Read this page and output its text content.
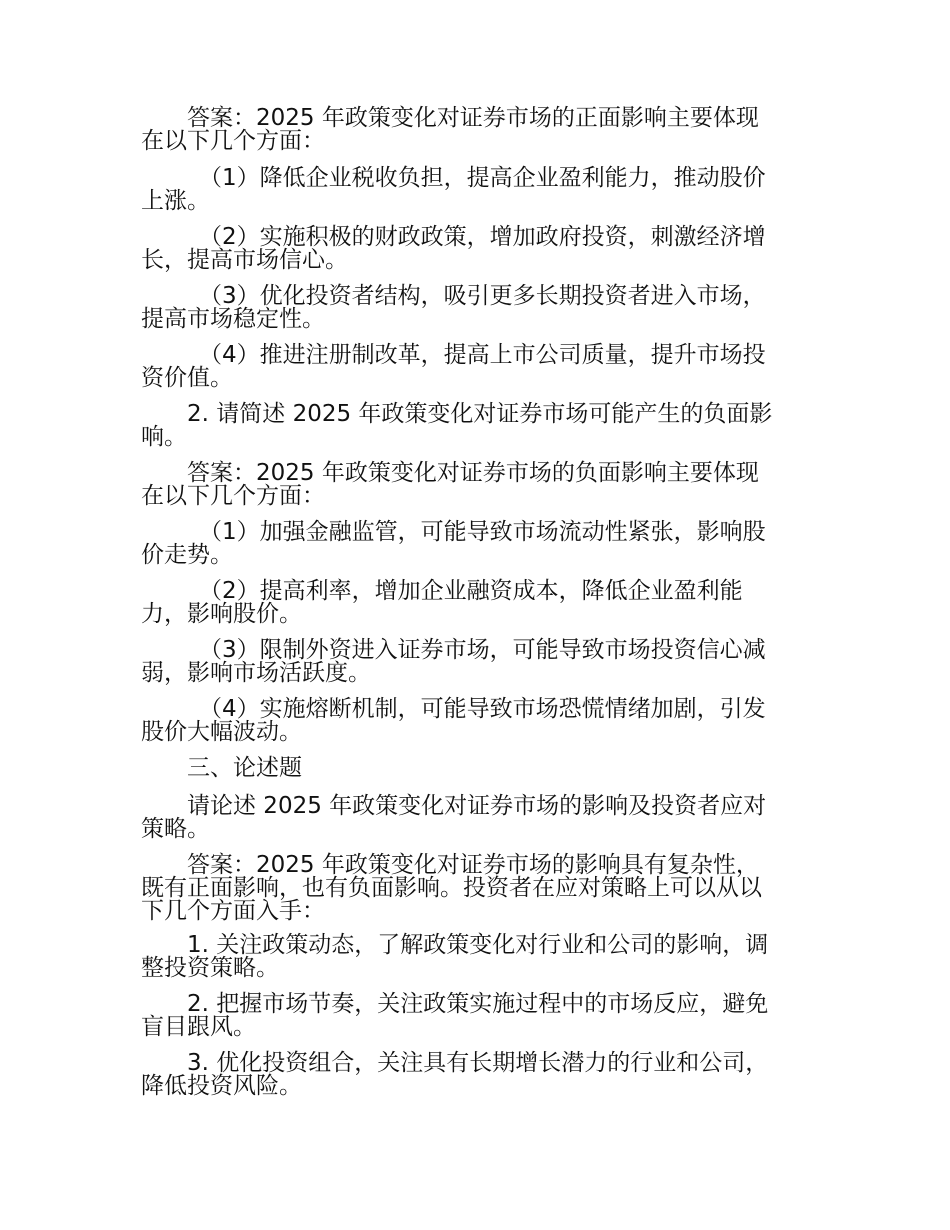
答案：2025 年政策变化对证券市场的正面影响主要体现
在以下几个方面：

（1）降低企业税收负担，提高企业盈利能力，推动股价
上涨。

（2）实施积极的财政政策，增加政府投资，刺激经济增
长，提高市场信心。

（3）优化投资者结构，吸引更多长期投资者进入市场，
提高市场稳定性。

（4）推进注册制改革，提高上市公司质量，提升市场投
资价值。

2. 请简述 2025 年政策变化对证券市场可能产生的负面影
响。

答案：2025 年政策变化对证券市场的负面影响主要体现
在以下几个方面：

（1）加强金融监管，可能导致市场流动性紧张，影响股
价走势。

（2）提高利率，增加企业融资成本，降低企业盈利能
力，影响股价。

（3）限制外资进入证券市场，可能导致市场投资信心减
弱，影响市场活跃度。

（4）实施熔断机制，可能导致市场恐慌情绪加剧，引发
股价大幅波动。

三、论述题

请论述 2025 年政策变化对证券市场的影响及投资者应对
策略。

答案：2025 年政策变化对证券市场的影响具有复杂性，
既有正面影响，也有负面影响。投资者在应对策略上可以从以
下几个方面入手：

1. 关注政策动态，了解政策变化对行业和公司的影响，调
整投资策略。

2. 把握市场节奏，关注政策实施过程中的市场反应，避免
盲目跟风。

3. 优化投资组合，关注具有长期增长潜力的行业和公司，
降低投资风险。
